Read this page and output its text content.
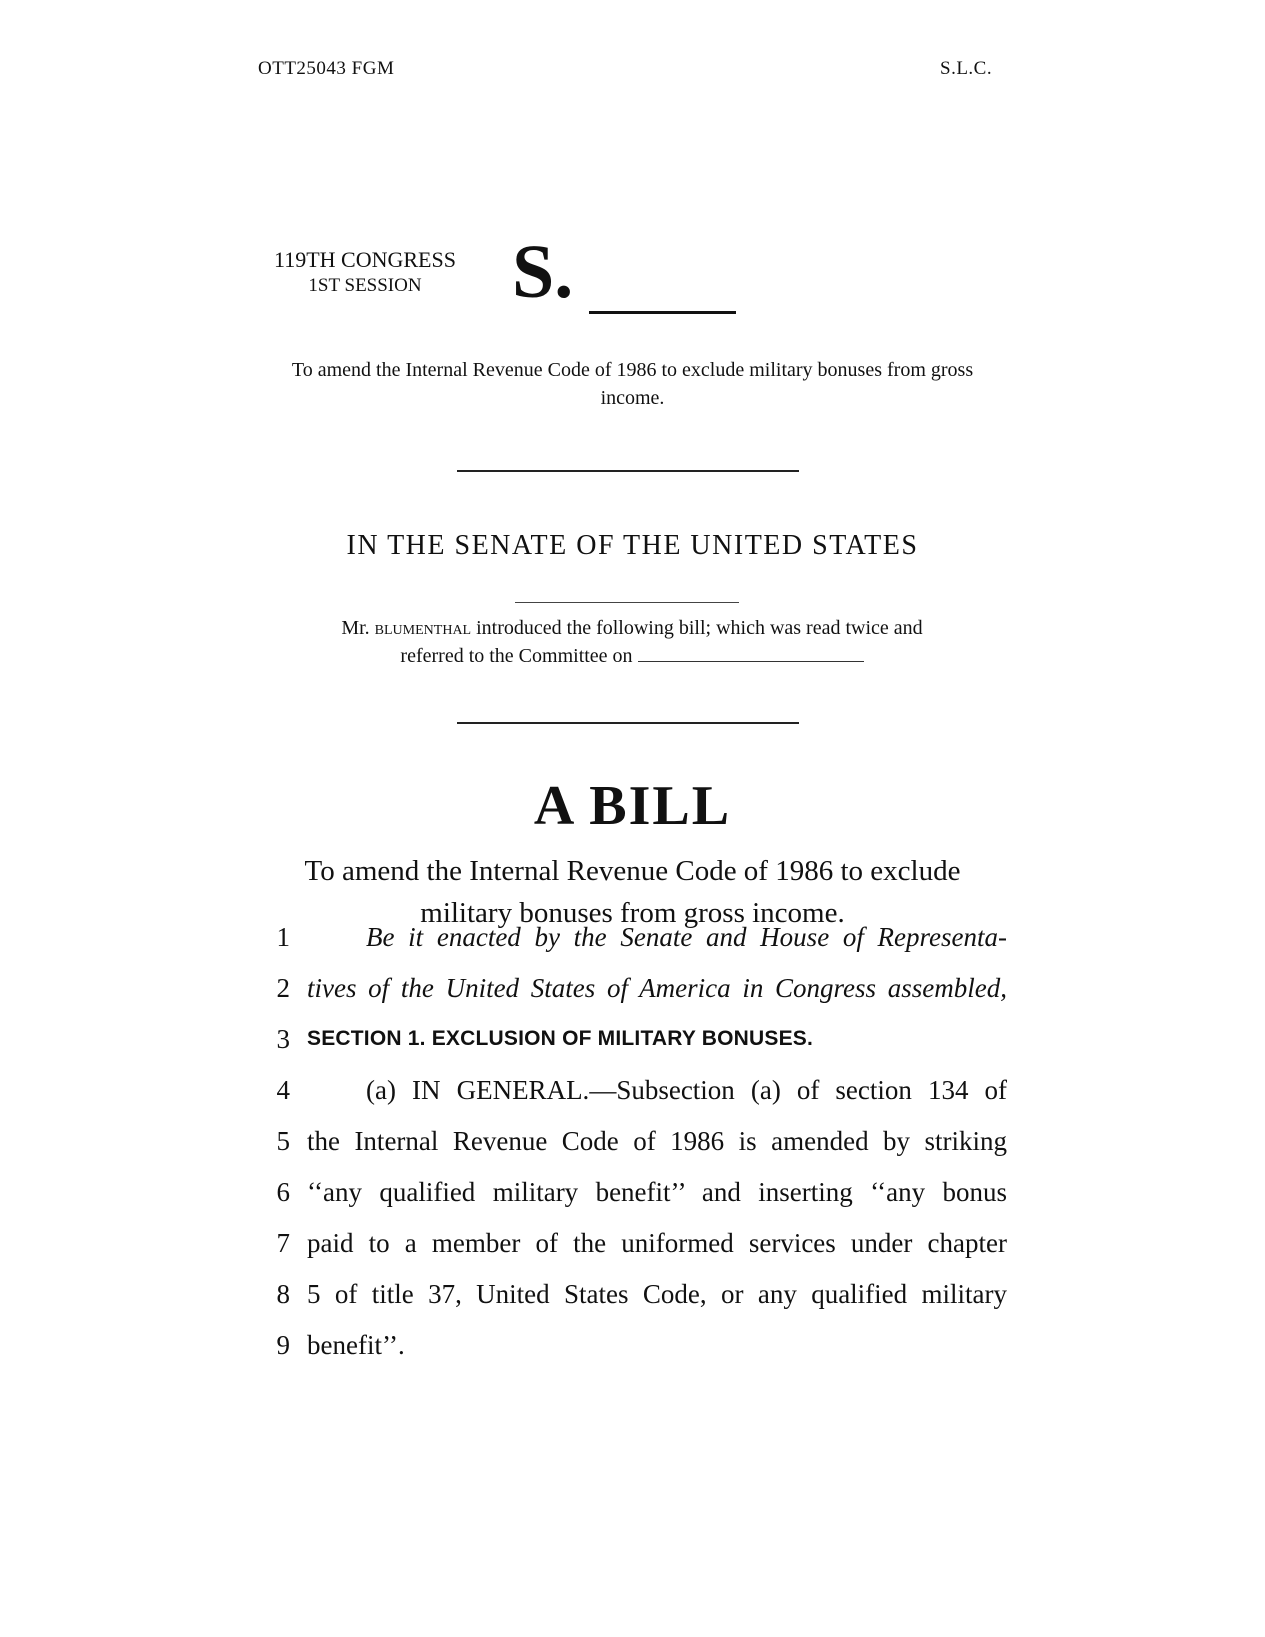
OTT25043 FGM	S.L.C.
119TH CONGRESS
1ST SESSION	S.
To amend the Internal Revenue Code of 1986 to exclude military bonuses from gross income.
IN THE SENATE OF THE UNITED STATES
Mr. blumenthal introduced the following bill; which was read twice and
referred to the Committee on
A BILL
To amend the Internal Revenue Code of 1986 to exclude military bonuses from gross income.
1	Be it enacted by the Senate and House of Representa-
2 tives of the United States of America in Congress assembled,
3 SECTION 1. EXCLUSION OF MILITARY BONUSES.
4	(a) IN GENERAL.—Subsection (a) of section 134 of
5 the Internal Revenue Code of 1986 is amended by striking
6 ‘‘any qualified military benefit’’ and inserting ‘‘any bonus
7 paid to a member of the uniformed services under chapter
8 5 of title 37, United States Code, or any qualified military
9 benefit’’.
